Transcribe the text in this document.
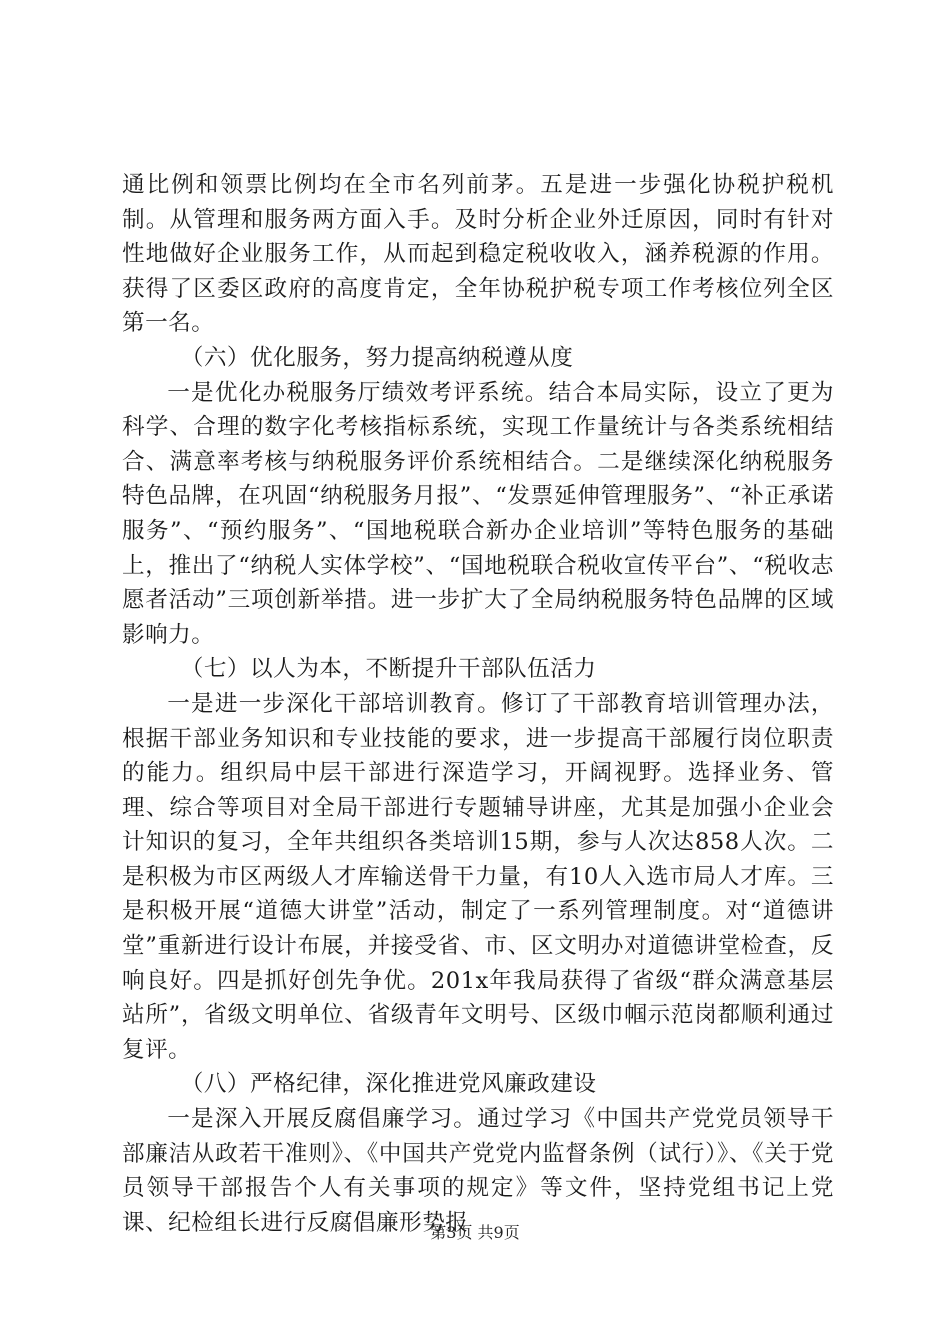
通比例和领票比例均在全市名列前茅。五是进一步强化协税护税机制。从管理和服务两方面入手。及时分析企业外迁原因，同时有针对性地做好企业服务工作，从而起到稳定税收收入，涵养税源的作用。获得了区委区政府的高度肯定，全年协税护税专项工作考核位列全区第一名。

（六）优化服务，努力提高纳税遵从度

一是优化办税服务厅绩效考评系统。结合本局实际，设立了更为科学、合理的数字化考核指标系统，实现工作量统计与各类系统相结合、满意率考核与纳税服务评价系统相结合。二是继续深化纳税服务特色品牌，在巩固“纳税服务月报”、“发票延伸管理服务”、“补正承诺服务”、“预约服务”、“国地税联合新办企业培训”等特色服务的基础上，推出了“纳税人实体学校”、“国地税联合税收宣传平台”、“税收志愿者活动”三项创新举措。进一步扩大了全局纳税服务特色品牌的区域影响力。

（七）以人为本，不断提升干部队伍活力

一是进一步深化干部培训教育。修订了干部教育培训管理办法，根据干部业务知识和专业技能的要求，进一步提高干部履行岗位职责的能力。组织局中层干部进行深造学习，开阔视野。选择业务、管理、综合等项目对全局干部进行专题辅导讲座，尤其是加强小企业会计知识的复习，全年共组织各类培训15期，参与人次达858人次。二是积极为市区两级人才库输送骨干力量，有10人入选市局人才库。三是积极开展“道德大讲堂”活动，制定了一系列管理制度。对“道德讲堂”重新进行设计布展，并接受省、市、区文明办对道德讲堂检查，反响良好。四是抓好创先争优。201x年我局获得了省级“群众满意基层站所”，省级文明单位、省级青年文明号、区级巾帼示范岗都顺利通过复评。

（八）严格纪律，深化推进党风廉政建设

一是深入开展反腐倡廉学习。通过学习《中国共产党党员领导干部廉洁从政若干准则》、《中国共产党党内监督条例（试行）》、《关于党员领导干部报告个人有关事项的规定》等文件，坚持党组书记上党课、纪检组长进行反腐倡廉形势报

第3页 共9页
